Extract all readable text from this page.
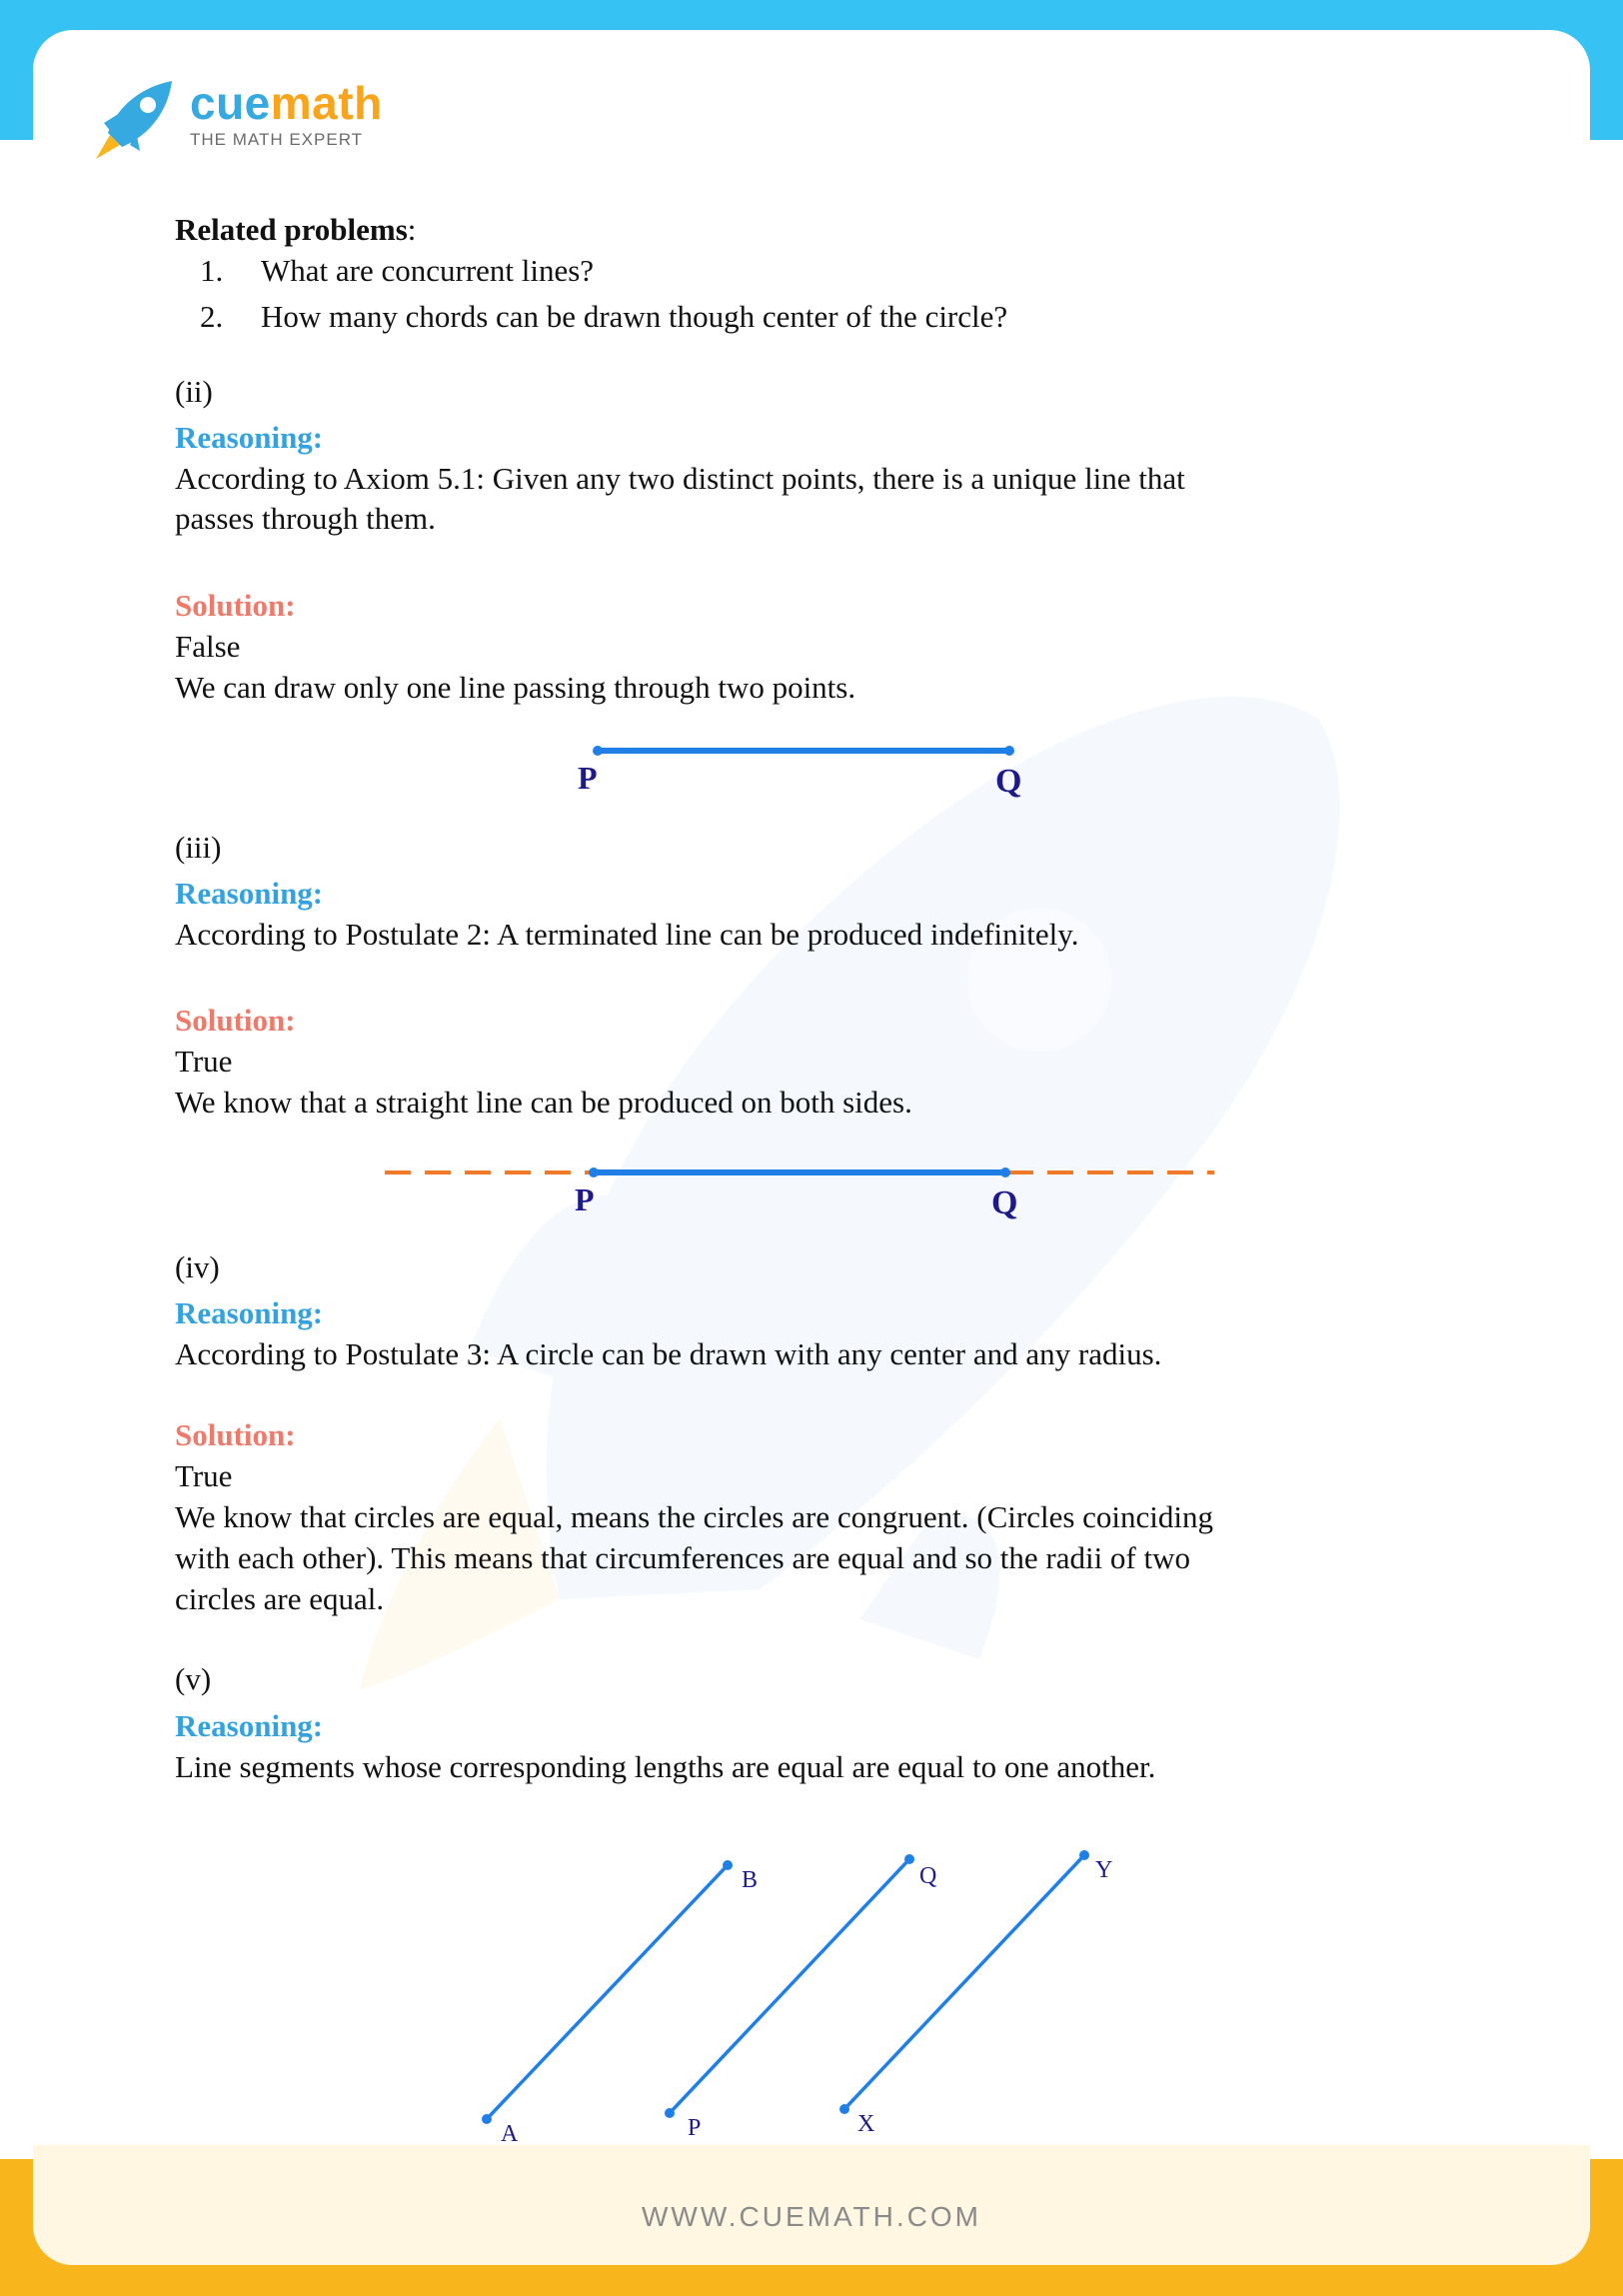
cuemath
THE MATH EXPERT
Related problems:
1. What are concurrent lines?
2. How many chords can be drawn though center of the circle?
(ii)
Reasoning:
According to Axiom 5.1: Given any two distinct points, there is a unique line that
passes through them.
Solution:
False
We can draw only one line passing through two points.
P	Q
(iii)
Reasoning:
According to Postulate 2: A terminated line can be produced indefinitely.
Solution:
True
We know that a straight line can be produced on both sides.
P	Q
(iv)
Reasoning:
According to Postulate 3: A circle can be drawn with any center and any radius.
Solution:
True
We know that circles are equal, means the circles are congruent. (Circles coinciding
with each other). This means that circumferences are equal and so the radii of two
circles are equal.
(v)
Reasoning:
Line segments whose corresponding lengths are equal are equal to one another.
A
B
P
Q
X
Y
WWW.CUEMATH.COM
